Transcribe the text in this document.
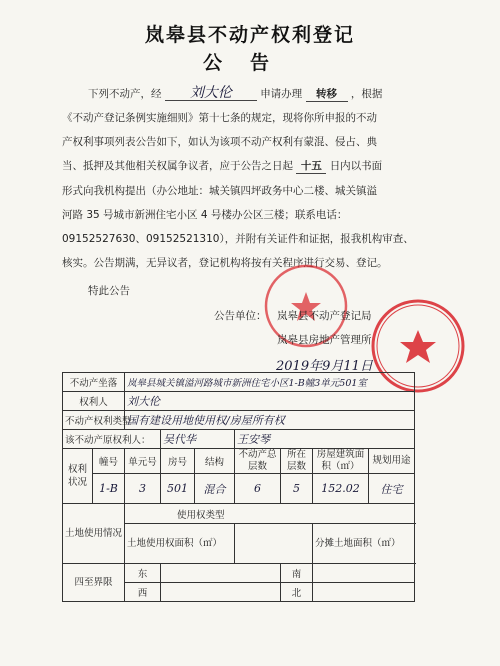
岚皋县不动产权利登记
公告
下列不动产，经 刘大伦	申请办理 转移 ，根据
《不动产登记条例实施细则》第十七条的规定，现将你所申报的不动
产权利事项列表公告如下，如认为该项不动产权利有蒙混、侵占、典
当、抵押及其他相关权属争议者，应于公告之日起 十五 日内以书面
形式向我机构提出（办公地址：城关镇四坪政务中心二楼、城关镇溢
河路 35 号城市新洲住宅小区 4 号楼办公区三楼；联系电话：
09152527630、09152521310），并附有关证件和证据，报我机构审查、
核实。公告期满，无异议者，登记机构将按有关程序进行交易、登记。
特此公告
公告单位： 岚皋县不动产登记局
岚皋县房地产管理所
2019年9月11日
不动产坐落		岚皋县城关镇溢河路城市新洲住宅小区1-B幢3单元501室							
权利人		刘大伦							
不动产权利类型		国有建设用地使用权/房屋所有权							
该不动产原权利人：			吴代华		王安琴				
权利状况	幢号	单元号	房号	结构	不动产总层数	所在层数	房屋建筑面积（㎡）	规划用途	
	1-B	3	501	混合	6	5	152.02	住宅	
土地使用情况		使用权类型							
		土地使用权面积（㎡）					分摊土地面积（㎡）	
四至界限		东				南			
		西				北			
